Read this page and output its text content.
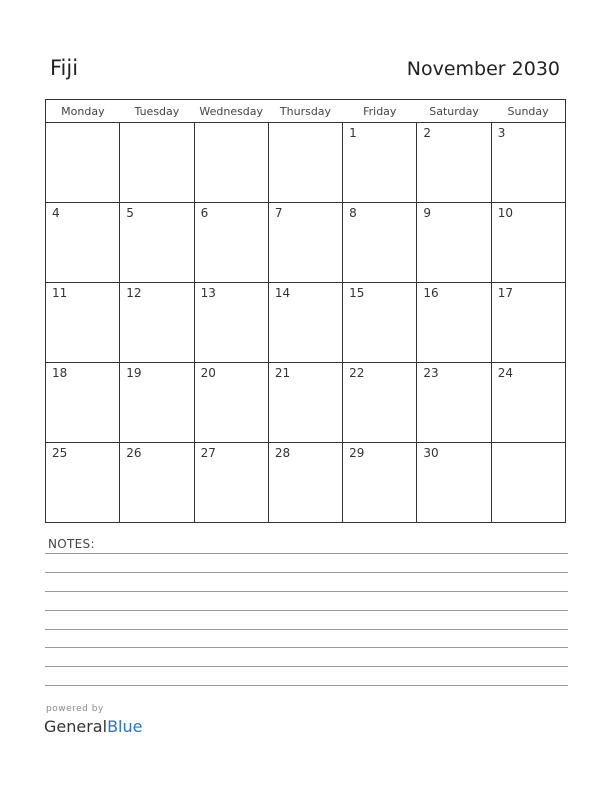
Fiji	November 2030
Monday	Tuesday	Wednesday	Thursday	Friday	Saturday	Sunday
				1	2	3
4	5	6	7	8	9	10
11	12	13	14	15	16	17
18	19	20	21	22	23	24
25	26	27	28	29	30	
NOTES:
powered by
GeneralBlue
